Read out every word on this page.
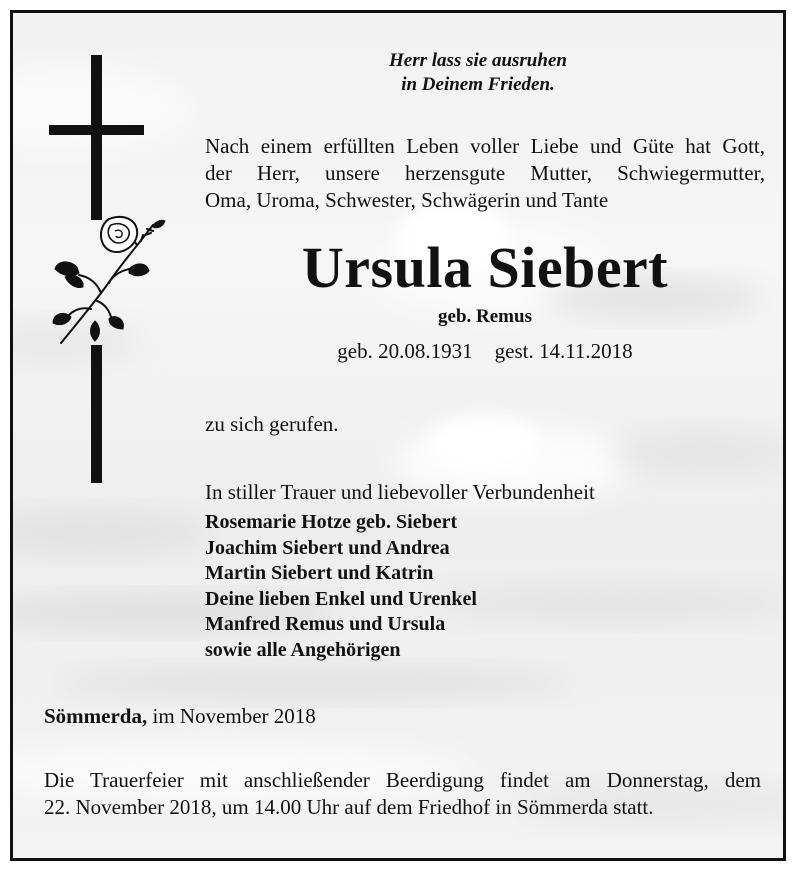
Herr lass sie ausruhen
in Deinem Frieden.
Nach einem erfüllten Leben voller Liebe und Güte hat Gott,
der Herr, unsere herzensgute Mutter, Schwiegermutter,
Oma, Uroma, Schwester, Schwägerin und Tante
Ursula Siebert
geb. Remus
geb. 20.08.1931 gest. 14.11.2018
zu sich gerufen.
In stiller Trauer und liebevoller Verbundenheit
Rosemarie Hotze geb. Siebert
Joachim Siebert und Andrea
Martin Siebert und Katrin
Deine lieben Enkel und Urenkel
Manfred Remus und Ursula
sowie alle Angehörigen
Sömmerda, im November 2018
Die Trauerfeier mit anschließender Beerdigung findet am Donnerstag, dem
22. November 2018, um 14.00 Uhr auf dem Friedhof in Sömmerda statt.
